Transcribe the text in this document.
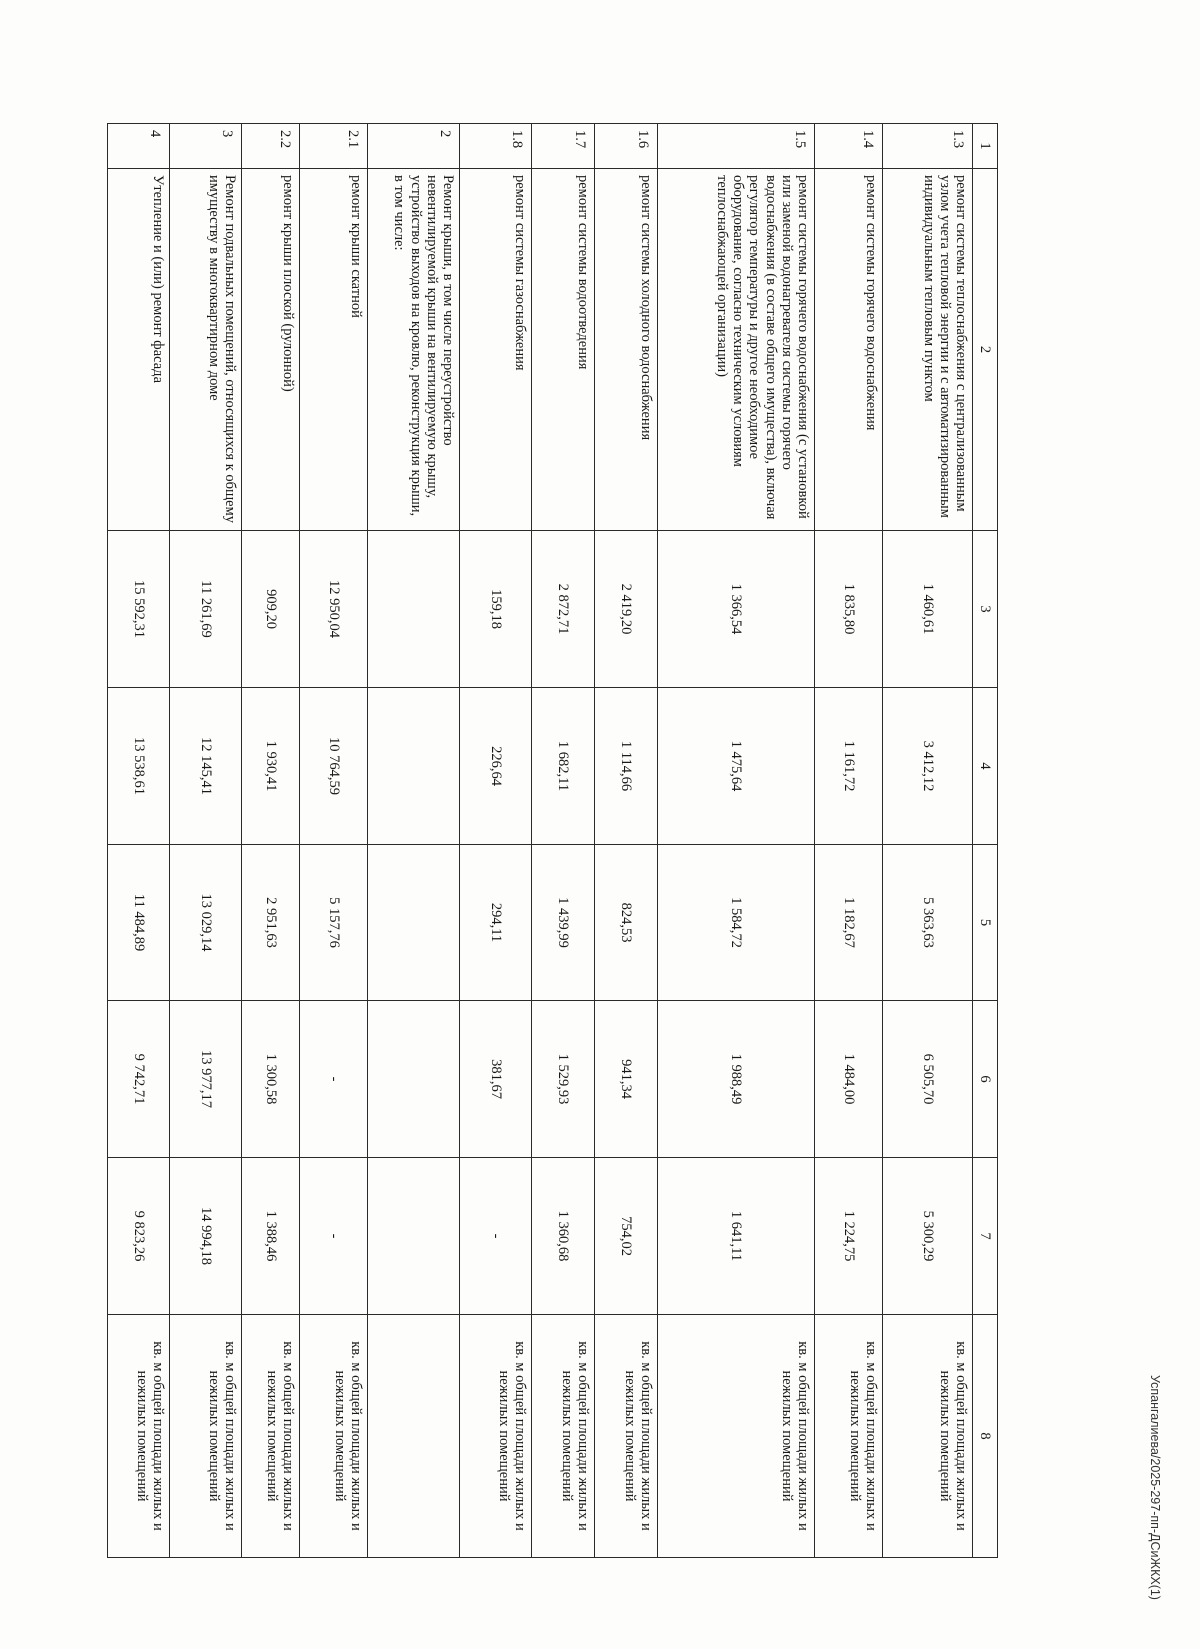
1	2	3	4	5	6	7	8
1.3	ремонт системы теплоснабжения с централизованным узлом учета тепловой энергии и с автоматизированным индивидуальным тепловым пунктом	1 460,61	3 412,12	5 363,63	6 505,70	5 300,29	кв. м общей площади жилых и нежилых помещений
1.4	ремонт системы горячего водоснабжения	1 835,80	1 161,72	1 182,67	1 484,00	1 224,75	кв. м общей площади жилых и нежилых помещений
1.5	ремонт системы горячего водоснабжения (с установкой или заменой водонагревателя системы горячего водоснабжения (в составе общего имущества), включая регулятор температуры и другое необходимое оборудование, согласно техническим условиям теплоснабжающей организации)	1 366,54	1 475,64	1 584,72	1 988,49	1 641,11	кв. м общей площади жилых и нежилых помещений
1.6	ремонт системы холодного водоснабжения	2 419,20	1 114,66	824,53	941,34	754,02	кв. м общей площади жилых и нежилых помещений
1.7	ремонт системы водоотведения	2 872,71	1 682,11	1 439,99	1 529,93	1 360,68	кв. м общей площади жилых и нежилых помещений
1.8	ремонт системы газоснабжения	159,18	226,64	294,11	381,67	-	кв. м общей площади жилых и нежилых помещений
2	Ремонт крыши, в том числе переустройство невентилируемой крыши на вентилируемую крышу, устройство выходов на кровлю, реконструкция крыши, в том числе:						
2.1	ремонт крыши скатной	12 950,04	10 764,59	5 157,76	-	-	кв. м общей площади жилых и нежилых помещений
2.2	ремонт крыши плоской (рулонной)	909,20	1 930,41	2 951,63	1 300,58	1 388,46	кв. м общей площади жилых и нежилых помещений
3	Ремонт подвальных помещений, относящихся к общему имуществу в многоквартирном доме	11 261,69	12 145,41	13 029,14	13 977,17	14 994,18	кв. м общей площади жилых и нежилых помещений
4	Утепление и (или) ремонт фасада	15 592,31	13 538,61	11 484,89	9 742,71	9 823,26	кв. м общей площади жилых и нежилых помещений	Успангалиева/2025-297-пп-ДСиЖКХ(1)
